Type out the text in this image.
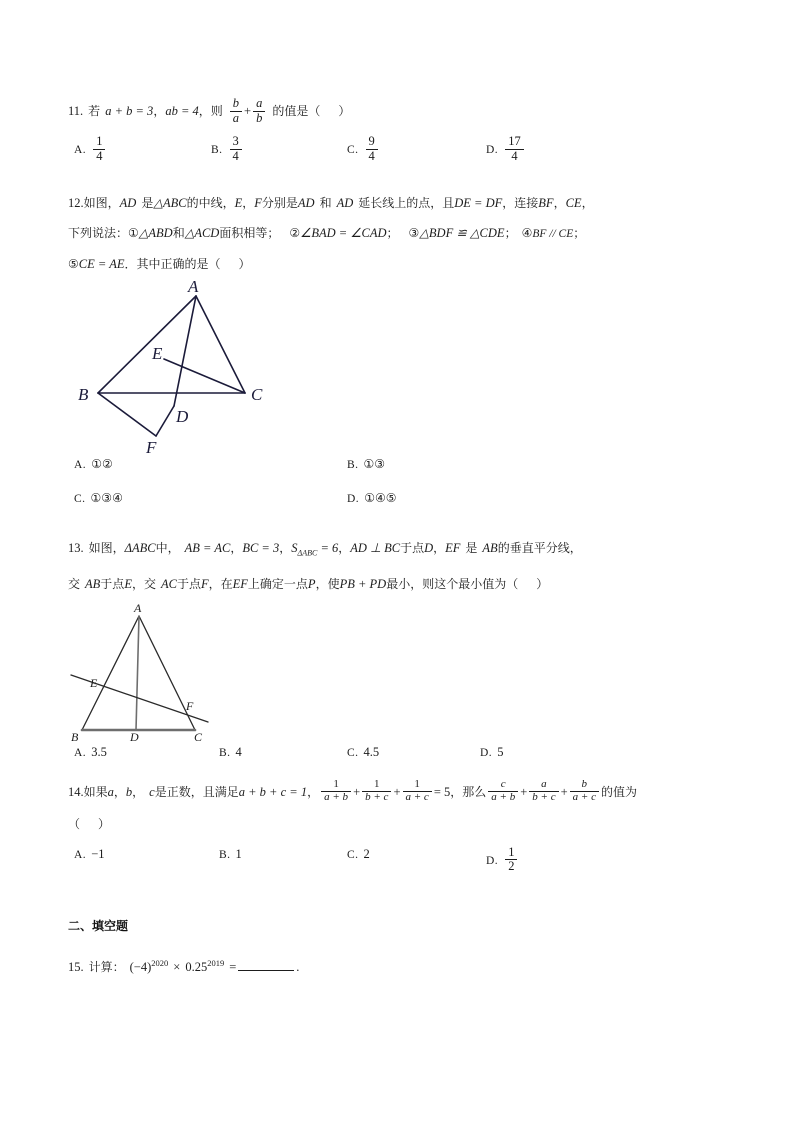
11. 若 a + b = 3，ab = 4，则 $\frac{b}{a} + \frac{a}{b}$ 的值是（ ）
A. $\frac{1}{4}$	B. $\frac{3}{4}$	C. $\frac{9}{4}$	D. $\frac{17}{4}$
12.如图，AD 是△ABC的中线，E，F分别是AD 和 AD 延长线上的点，且DE = DF，连接BF，CE，
下列说法：①△ABD和△ACD面积相等； ②∠BAD = ∠CAD； ③△BDF ≌ △CDE； ④BF // CE；
⑤CE = AE．其中正确的是（ ）
A
B	C
D
E
F
A. ①②	B. ①③
C. ①③④	D. ①④⑤
13. 如图，ΔABC中， AB = AC，BC = 3，$S_{\Delta ABC} = 6$，AD ⊥ BC于点D，EF 是 AB的垂直平分线，
交 AB于点E，交 AC于点F，在EF上确定一点P，使PB + PD最小，则这个最小值为（ ）
A
B	C
D
E
F
A. 3.5	B. 4	C. 4.5	D. 5
14.如果a，b， c是正数，且满足a + b + c = 1， $\frac{1}{a + b} + \frac{1}{b + c} + \frac{1}{a + c} = 5$，那么 $\frac{c}{a + b} + \frac{a}{b + c} + \frac{b}{a + c}$ 的值为
（ ）
A. −1	B. 1	C. 2	D. $\frac{1}{2}$
二、填空题
15. 计算： $(-4)^{2020} \times 0.25^{2019}$ =	.
